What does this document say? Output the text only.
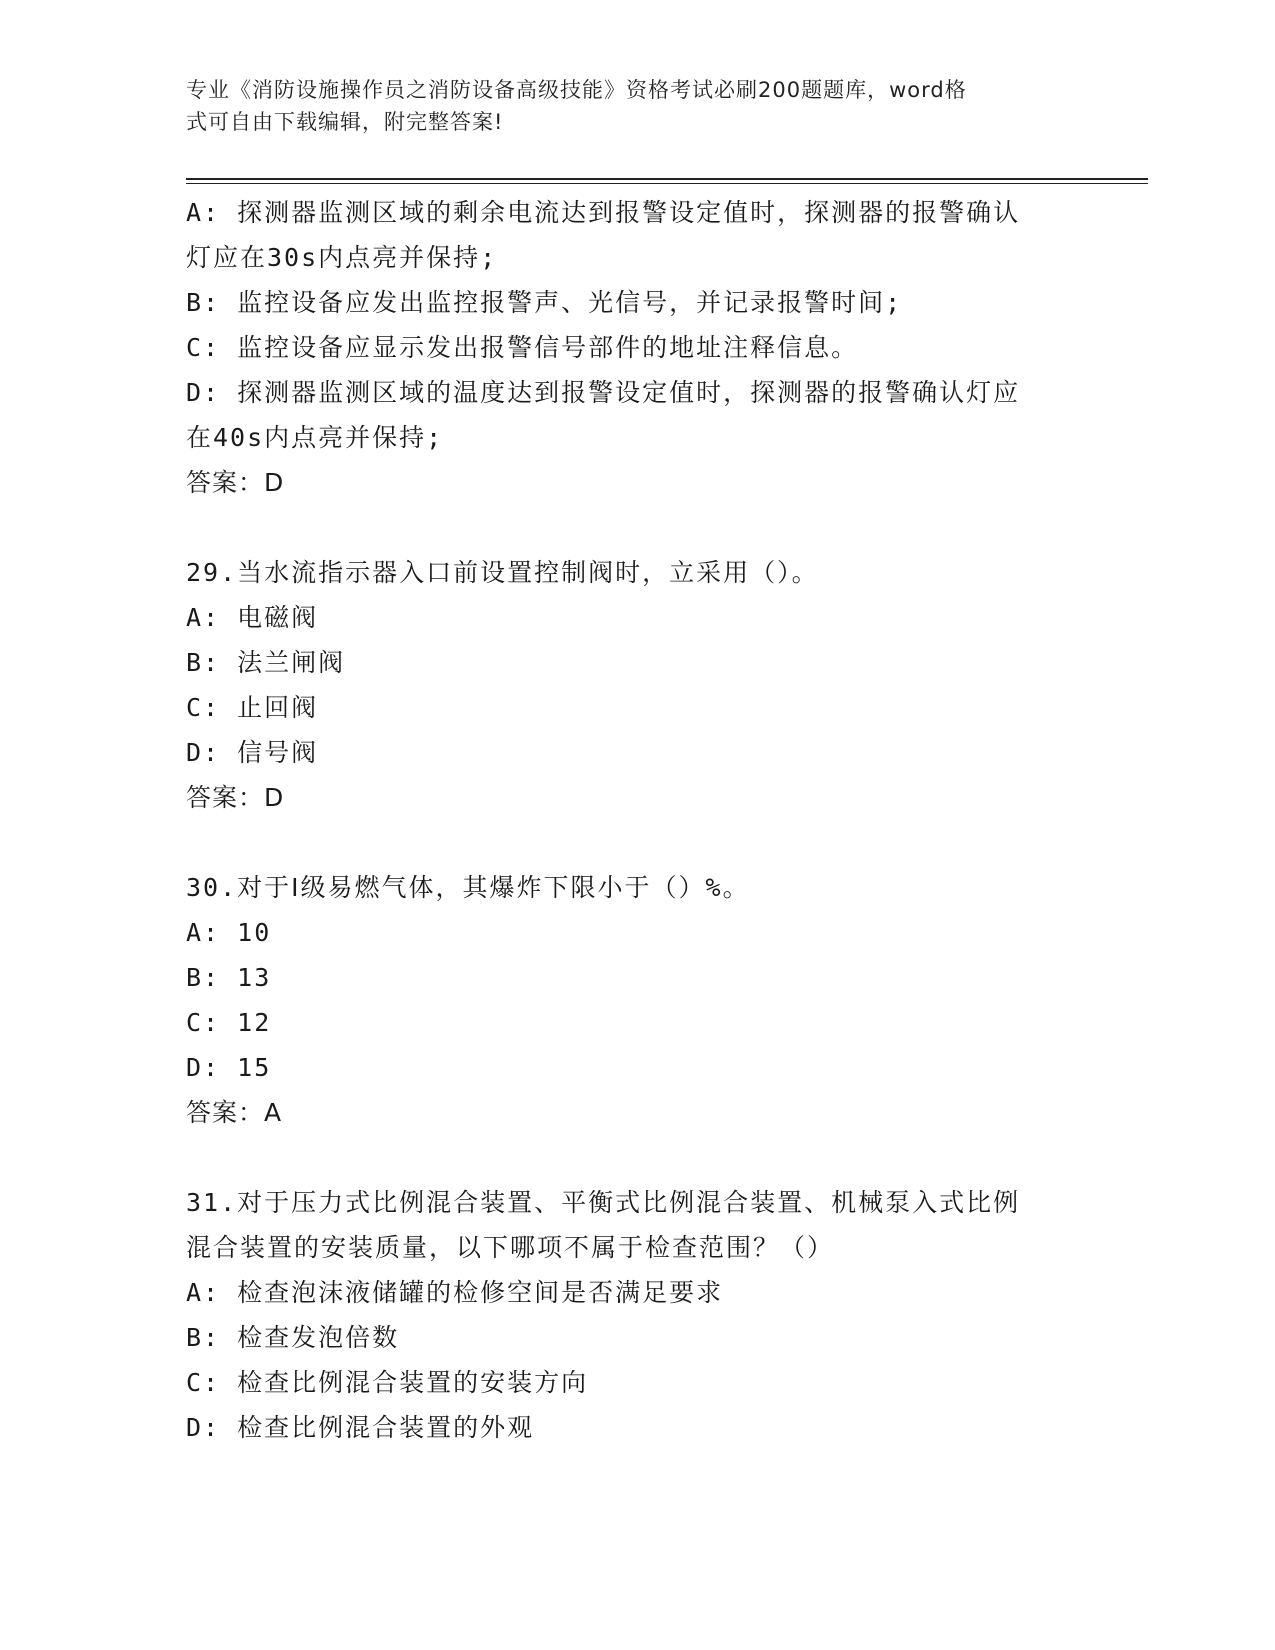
专业《消防设施操作员之消防设备高级技能》资格考试必刷200题题库，word格
式可自由下载编辑，附完整答案!
A: 探测器监测区域的剩余电流达到报警设定值时，探测器的报警确认
灯应在30s内点亮并保持;
B: 监控设备应发出监控报警声、光信号，并记录报警时间;
C: 监控设备应显示发出报警信号部件的地址注释信息。
D: 探测器监测区域的温度达到报警设定值时，探测器的报警确认灯应
在40s内点亮并保持;
答案：D
29.当水流指示器入口前设置控制阀时，立采用（）。
A: 电磁阀
B: 法兰闸阀
C: 止回阀
D: 信号阀
答案：D
30.对于Ⅰ级易燃气体，其爆炸下限小于（）%。
A: 10
B: 13
C: 12
D: 15
答案：A
31.对于压力式比例混合装置、平衡式比例混合装置、机械泵入式比例
混合装置的安装质量，以下哪项不属于检查范围？（）
A: 检查泡沫液储罐的检修空间是否满足要求
B: 检查发泡倍数
C: 检查比例混合装置的安装方向
D: 检查比例混合装置的外观
